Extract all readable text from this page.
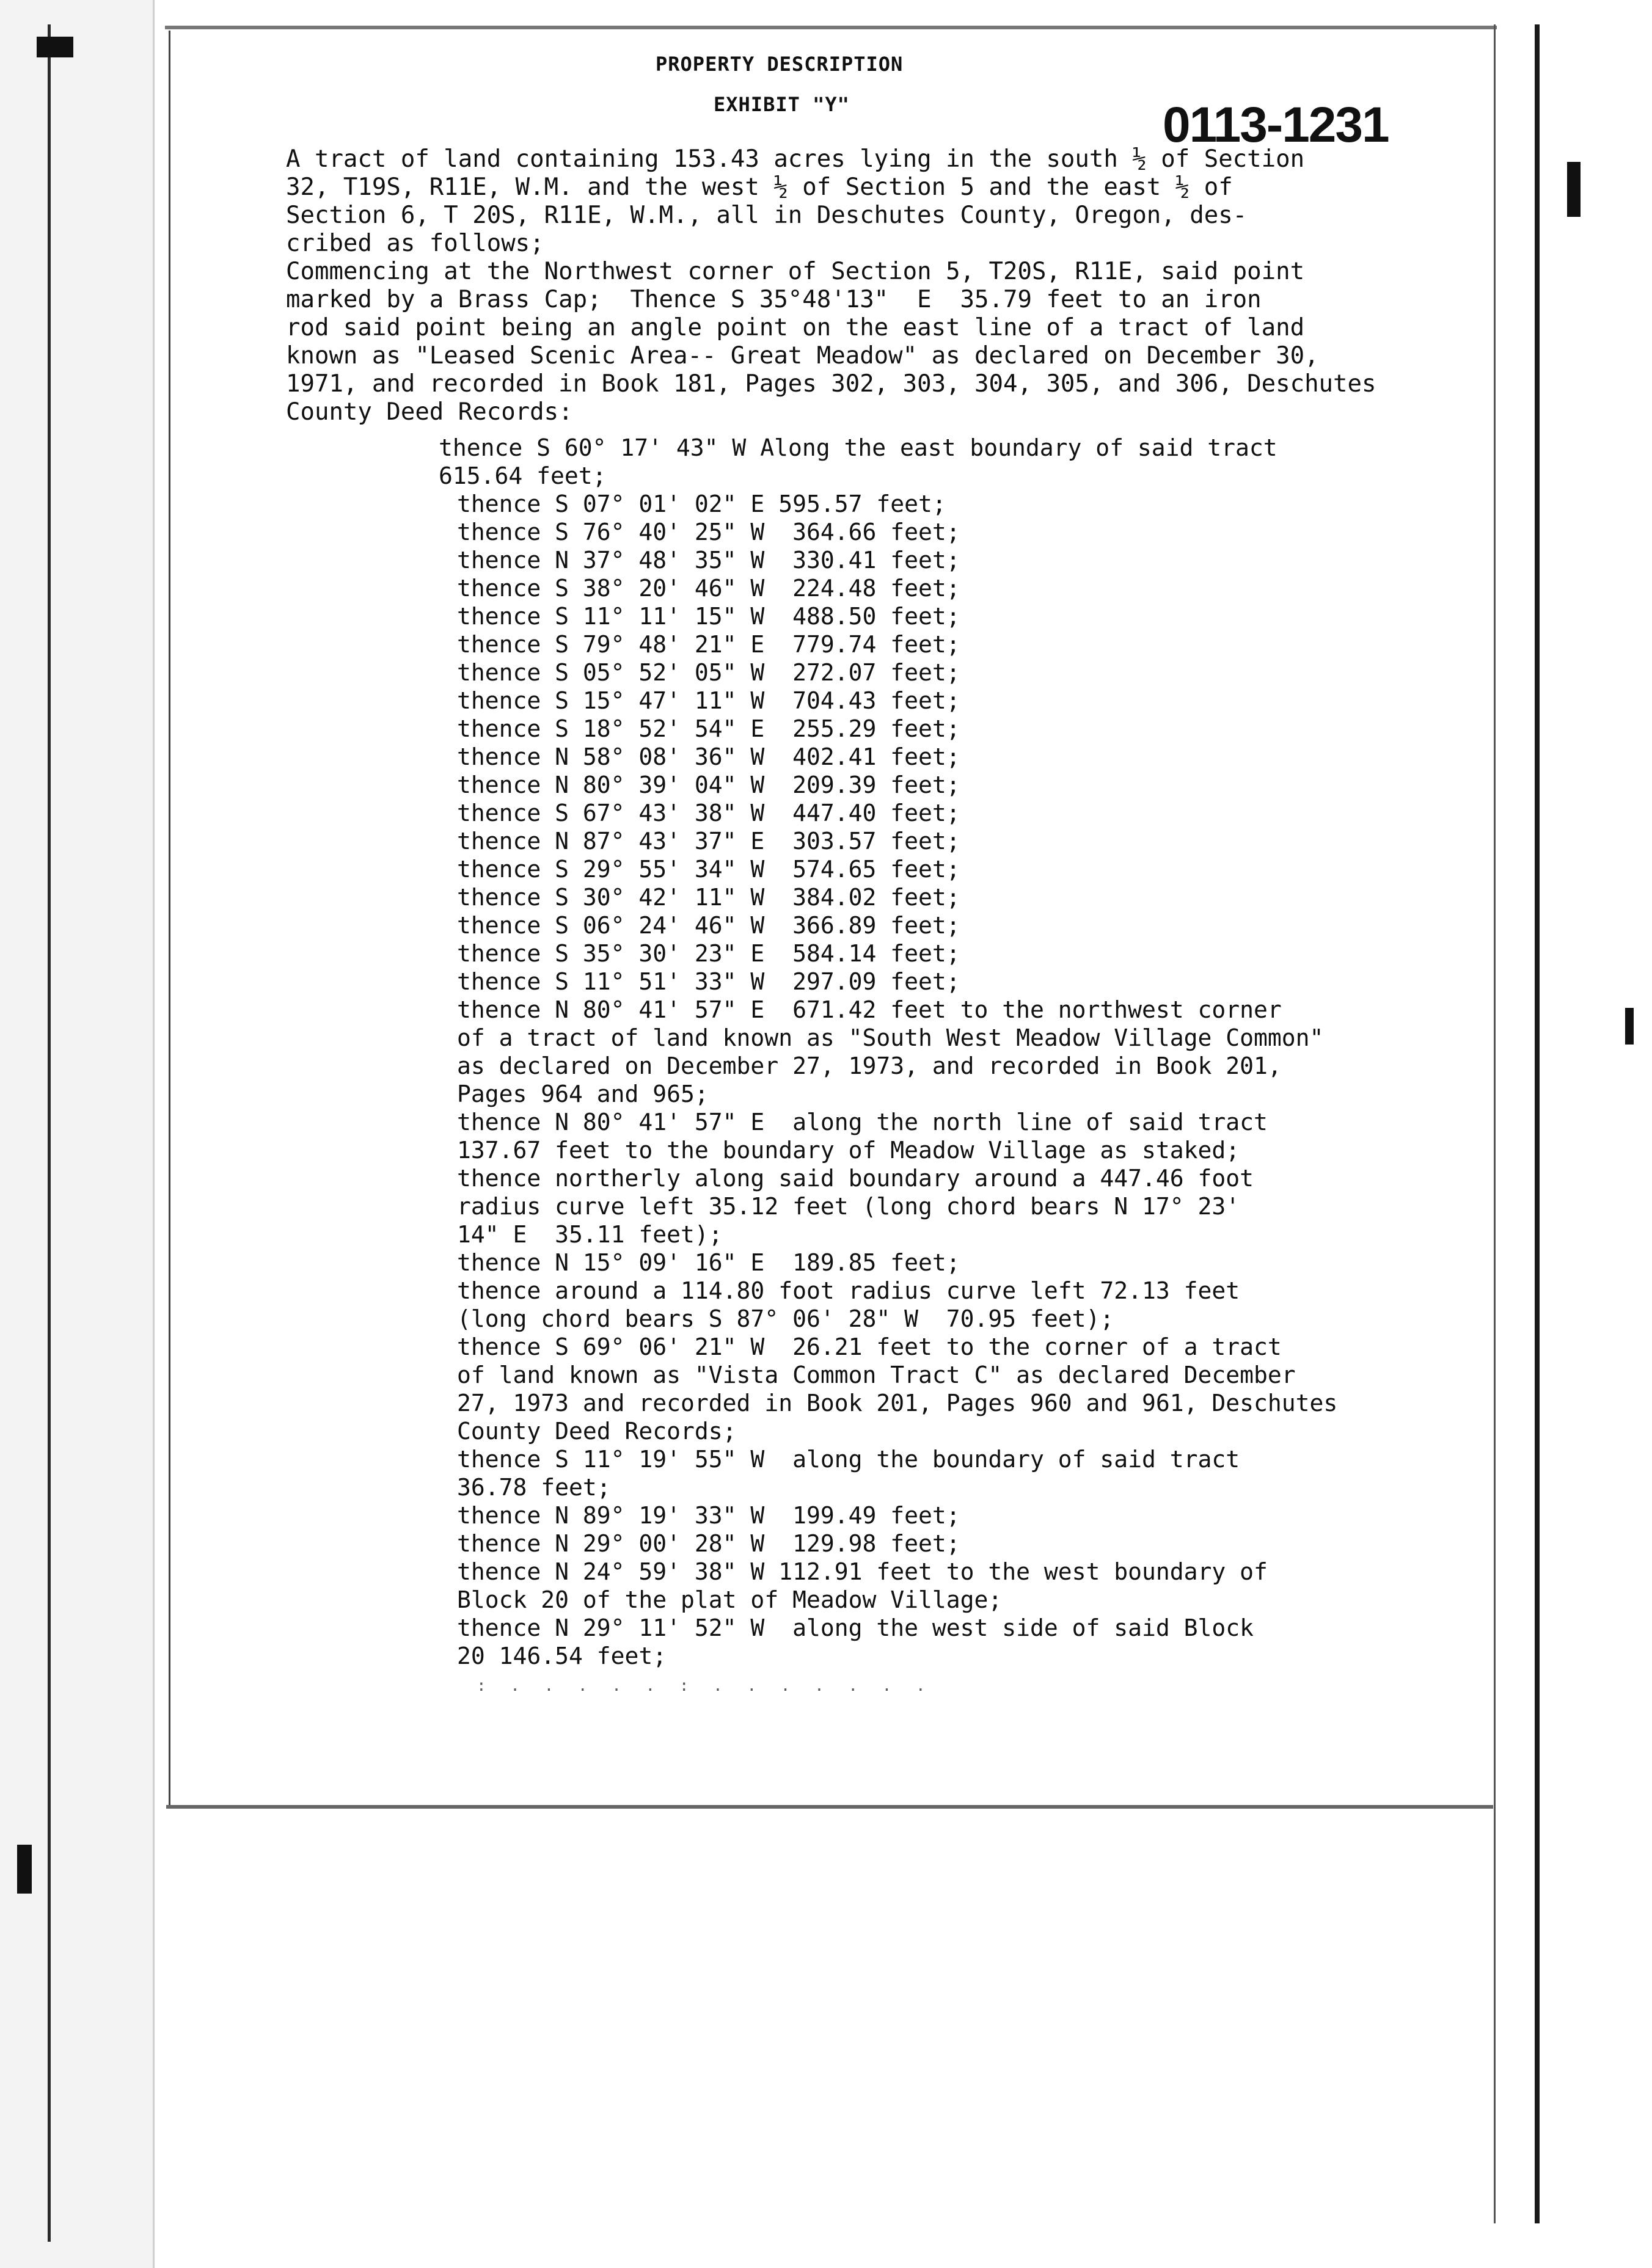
PROPERTY DESCRIPTION
EXHIBIT "Y"	0113-1231
A tract of land containing 153.43 acres lying in the south ½ of Section
32, T19S, R11E, W.M. and the west ½ of Section 5 and the east ½ of
Section 6, T 20S, R11E, W.M., all in Deschutes County, Oregon, des-
cribed as follows;
Commencing at the Northwest corner of Section 5, T20S, R11E, said point
marked by a Brass Cap;  Thence S 35°48'13"  E  35.79 feet to an iron
rod said point being an angle point on the east line of a tract of land
known as "Leased Scenic Area-- Great Meadow" as declared on December 30,
1971, and recorded in Book 181, Pages 302, 303, 304, 305, and 306, Deschutes
County Deed Records:
thence S 60° 17' 43" W Along the east boundary of said tract
615.64 feet;
thence S 07° 01' 02" E 595.57 feet;
thence S 76° 40' 25" W  364.66 feet;
thence N 37° 48' 35" W  330.41 feet;
thence S 38° 20' 46" W  224.48 feet;
thence S 11° 11' 15" W  488.50 feet;
thence S 79° 48' 21" E  779.74 feet;
thence S 05° 52' 05" W  272.07 feet;
thence S 15° 47' 11" W  704.43 feet;
thence S 18° 52' 54" E  255.29 feet;
thence N 58° 08' 36" W  402.41 feet;
thence N 80° 39' 04" W  209.39 feet;
thence S 67° 43' 38" W  447.40 feet;
thence N 87° 43' 37" E  303.57 feet;
thence S 29° 55' 34" W  574.65 feet;
thence S 30° 42' 11" W  384.02 feet;
thence S 06° 24' 46" W  366.89 feet;
thence S 35° 30' 23" E  584.14 feet;
thence S 11° 51' 33" W  297.09 feet;
thence N 80° 41' 57" E  671.42 feet to the northwest corner
of a tract of land known as "South West Meadow Village Common"
as declared on December 27, 1973, and recorded in Book 201,
Pages 964 and 965;
thence N 80° 41' 57" E  along the north line of said tract
137.67 feet to the boundary of Meadow Village as staked;
thence northerly along said boundary around a 447.46 foot
radius curve left 35.12 feet (long chord bears N 17° 23'
14" E  35.11 feet);
thence N 15° 09' 16" E  189.85 feet;
thence around a 114.80 foot radius curve left 72.13 feet
(long chord bears S 87° 06' 28" W  70.95 feet);
thence S 69° 06' 21" W  26.21 feet to the corner of a tract
of land known as "Vista Common Tract C" as declared December
27, 1973 and recorded in Book 201, Pages 960 and 961, Deschutes
County Deed Records;
thence S 11° 19' 55" W  along the boundary of said tract
36.78 feet;
thence N 89° 19' 33" W  199.49 feet;
thence N 29° 00' 28" W  129.98 feet;
thence N 24° 59' 38" W 112.91 feet to the west boundary of
Block 20 of the plat of Meadow Village;
thence N 29° 11' 52" W  along the west side of said Block
20 146.54 feet;
: . . . . . : . . . . . . .
